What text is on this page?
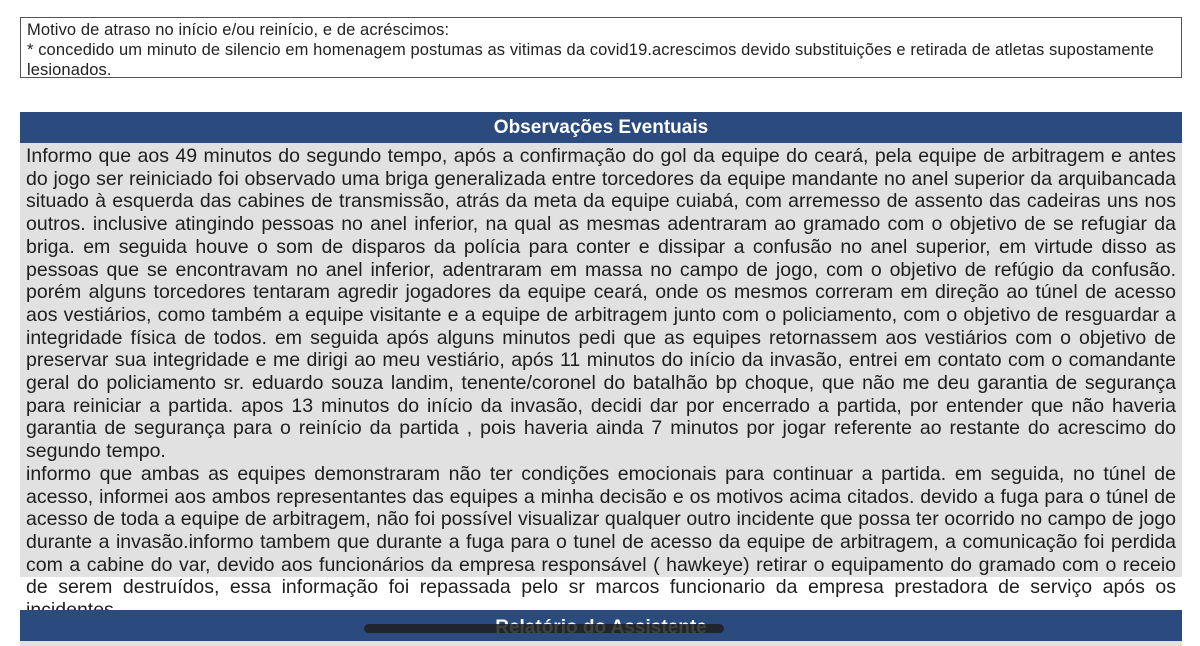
Motivo de atraso no início e/ou reinício, e de acréscimos:

* concedido um minuto de silencio em homenagem postumas as vitimas da covid19.acrescimos devido substituições e retirada de atletas supostamente lesionados.

Observações Eventuais

Informo que aos 49 minutos do segundo tempo, após a confirmação do gol da equipe do ceará, pela equipe de arbitragem e antes do jogo ser reiniciado foi observado uma briga generalizada entre torcedores da equipe mandante no anel superior da arquibancada situado à esquerda das cabines de transmissão, atrás da meta da equipe cuiabá, com arremesso de assento das cadeiras uns nos outros. inclusive atingindo pessoas no anel inferior, na qual as mesmas adentraram ao gramado com o objetivo de se refugiar da briga. em seguida houve o som de disparos da polícia para conter e dissipar a confusão no anel superior, em virtude disso as pessoas que se encontravam no anel inferior, adentraram em massa no campo de jogo, com o objetivo de refúgio da confusão. porém alguns torcedores tentaram agredir jogadores da equipe ceará, onde os mesmos correram em direção ao túnel de acesso aos vestiários, como também a equipe visitante e a equipe de arbitragem junto com o policiamento, com o objetivo de resguardar a integridade física de todos. em seguida após alguns minutos pedi que as equipes retornassem aos vestiários com o objetivo de preservar sua integridade e me dirigi ao meu vestiário, após 11 minutos do início da invasão, entrei em contato com o comandante geral do policiamento sr. eduardo souza landim, tenente/coronel do batalhão bp choque, que não me deu garantia de segurança para reiniciar a partida. apos 13 minutos do início da invasão, decidi dar por encerrado a partida, por entender que não haveria garantia de segurança para o reinício da partida , pois haveria ainda 7 minutos por jogar referente ao restante do acrescimo do segundo tempo.

informo que ambas as equipes demonstraram não ter condições emocionais para continuar a partida. em seguida, no túnel de acesso, informei aos ambos representantes das equipes a minha decisão e os motivos acima citados. devido a fuga para o túnel de acesso de toda a equipe de arbitragem, não foi possível visualizar qualquer outro incidente que possa ter ocorrido no campo de jogo durante a invasão.informo tambem que durante a fuga para o tunel de acesso da equipe de arbitragem, a comunicação foi perdida com a cabine do var, devido aos funcionários da empresa responsável ( hawkeye) retirar o equipamento do gramado com o receio de serem destruídos, essa informação foi repassada pelo sr marcos funcionario da empresa prestadora de serviço após os
